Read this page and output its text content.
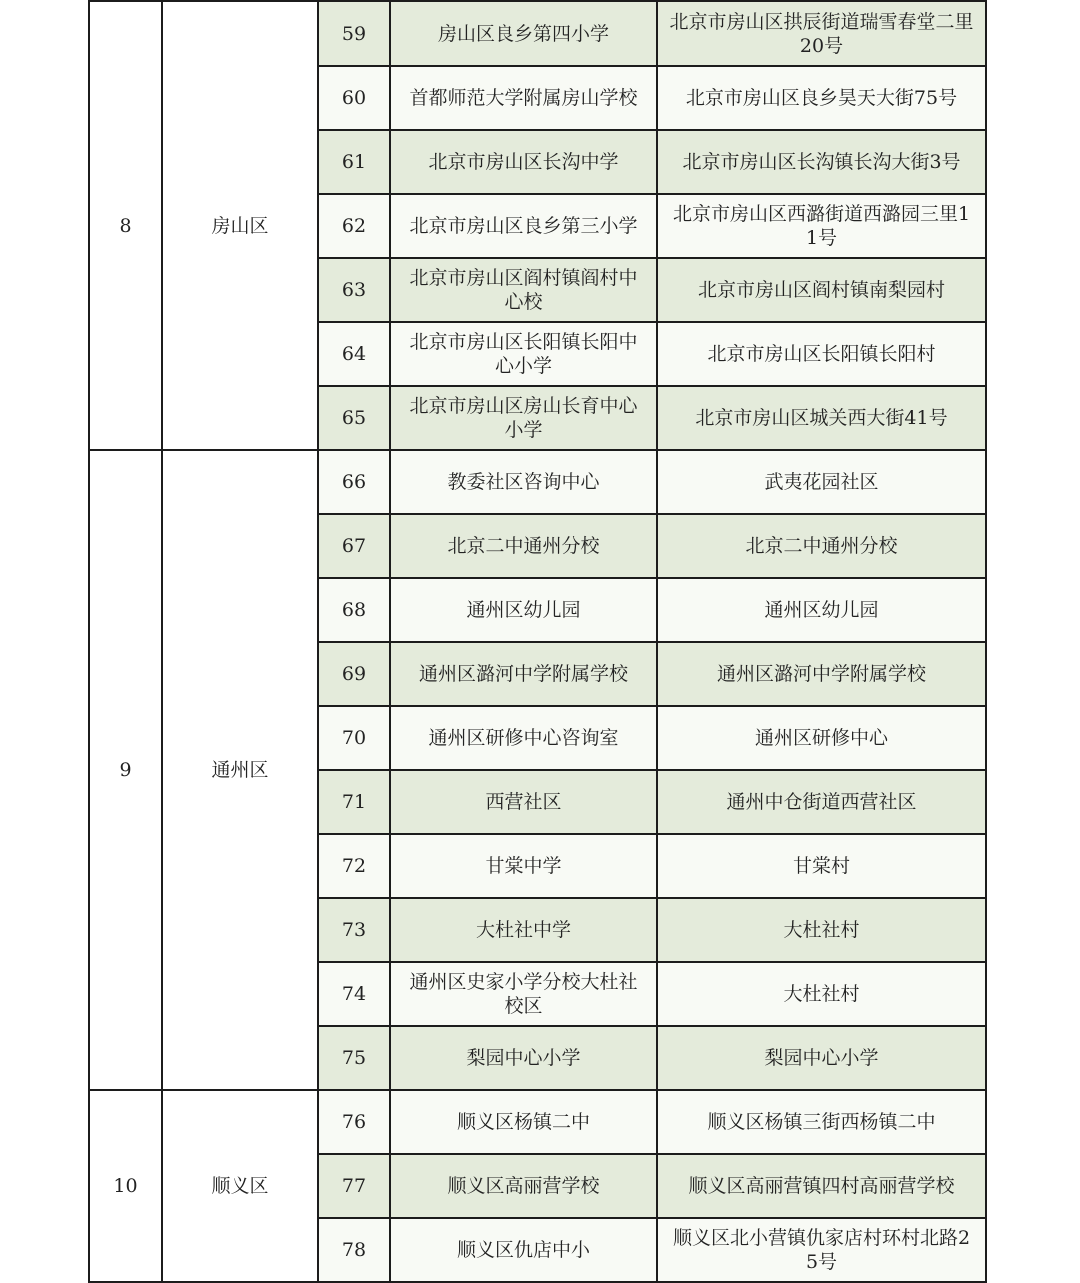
8	房山区	59	房山区良乡第四小学	北京市房山区拱辰街道瑞雪春堂二里20号
		60	首都师范大学附属房山学校	北京市房山区良乡昊天大街75号
		61	北京市房山区长沟中学	北京市房山区长沟镇长沟大街3号
		62	北京市房山区良乡第三小学	北京市房山区西潞街道西潞园三里11号
		63	北京市房山区阎村镇阎村中心校	北京市房山区阎村镇南梨园村
		64	北京市房山区长阳镇长阳中心小学	北京市房山区长阳镇长阳村
		65	北京市房山区房山长育中心小学	北京市房山区城关西大街41号
9	通州区	66	教委社区咨询中心	武夷花园社区
		67	北京二中通州分校	北京二中通州分校
		68	通州区幼儿园	通州区幼儿园
		69	通州区潞河中学附属学校	通州区潞河中学附属学校
		70	通州区研修中心咨询室	通州区研修中心
		71	西营社区	通州中仓街道西营社区
		72	甘棠中学	甘棠村
		73	大杜社中学	大杜社村
		74	通州区史家小学分校大杜社校区	大杜社村
		75	梨园中心小学	梨园中心小学
10	顺义区	76	顺义区杨镇二中	顺义区杨镇三街西杨镇二中
		77	顺义区高丽营学校	顺义区高丽营镇四村高丽营学校
		78	顺义区仇店中小	顺义区北小营镇仇家店村环村北路25号
